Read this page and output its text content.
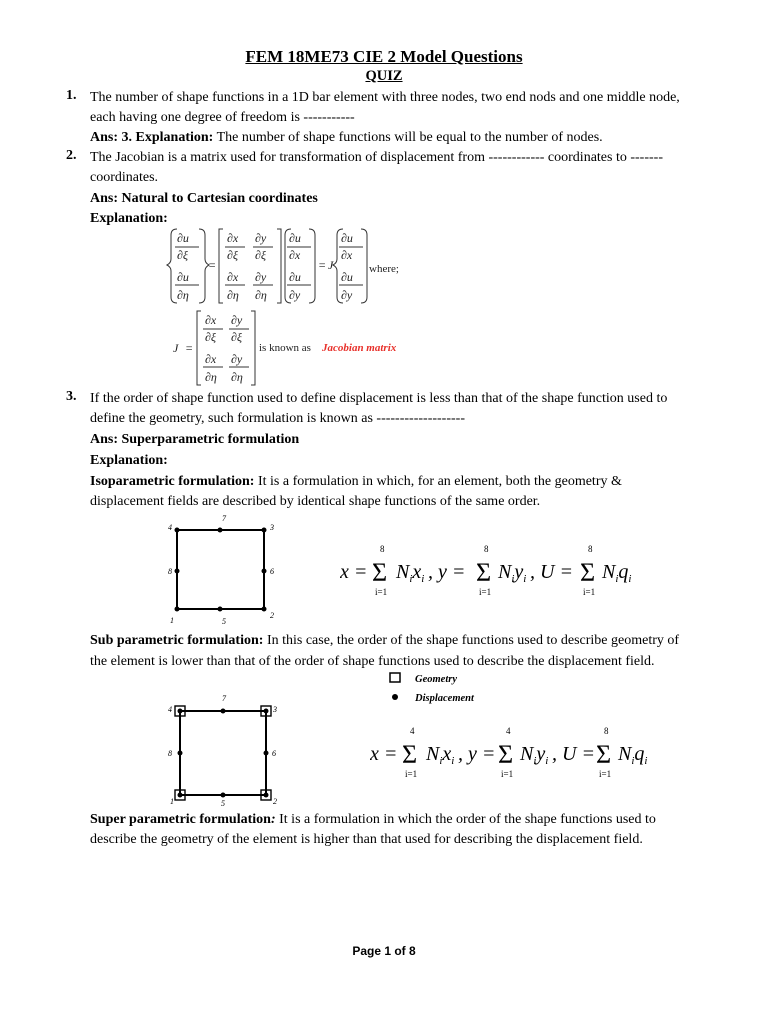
FEM 18ME73 CIE 2 Model Questions
QUIZ
1. The number of shape functions in a 1D bar element with three nodes, two end nods and one middle node,
each having one degree of freedom is -----------
Ans: 3. Explanation: The number of shape functions will be equal to the number of nodes.
2. The Jacobian is a matrix used for transformation of displacement from ------------ coordinates to -------
coordinates.
Ans: Natural to Cartesian coordinates
Explanation:
∂u
∂ξ
∂u
∂η
=
∂x
∂ξ
∂y
∂ξ
∂x
∂η
∂y
∂η
∂u
∂x
∂u
∂y
= J
∂u
∂x
∂u
∂y
where;
J =
∂x
∂ξ
∂y
∂ξ
∂x
∂η
∂y
∂η
is known as Jacobian matrix
3. If the order of shape function used to define displacement is less than that of the shape function used to
define the geometry, such formulation is known as -------------------
Ans: Superparametric formulation
Explanation:
Isoparametric formulation: It is a formulation in which, for an element, both the geometry &
displacement fields are described by identical shape functions of the same order.
1
2
3
4
5
6
7
8	x = Σ
8
i=1
$N_ix_i$ , y = Σ
8
i=1
$N_iy_i$ , U = Σ
8
i=1
$N_iq_i$
Sub parametric formulation: In this case, the order of the shape functions used to describe geometry of
the element is lower than that of the order of shape functions used to describe the displacement field.
Geometry
Displacement
1	2
3
4
5
6
7
8	x = Σ
4
i=1
$N_ix_i$ , y = Σ
4
i=1
$N_iy_i$ , U = Σ
8
i=1
$N_iq_i$
Super parametric formulation: It is a formulation in which the order of the shape functions used to
describe the geometry of the element is higher than that used for describing the displacement field.
Page 1 of 8
